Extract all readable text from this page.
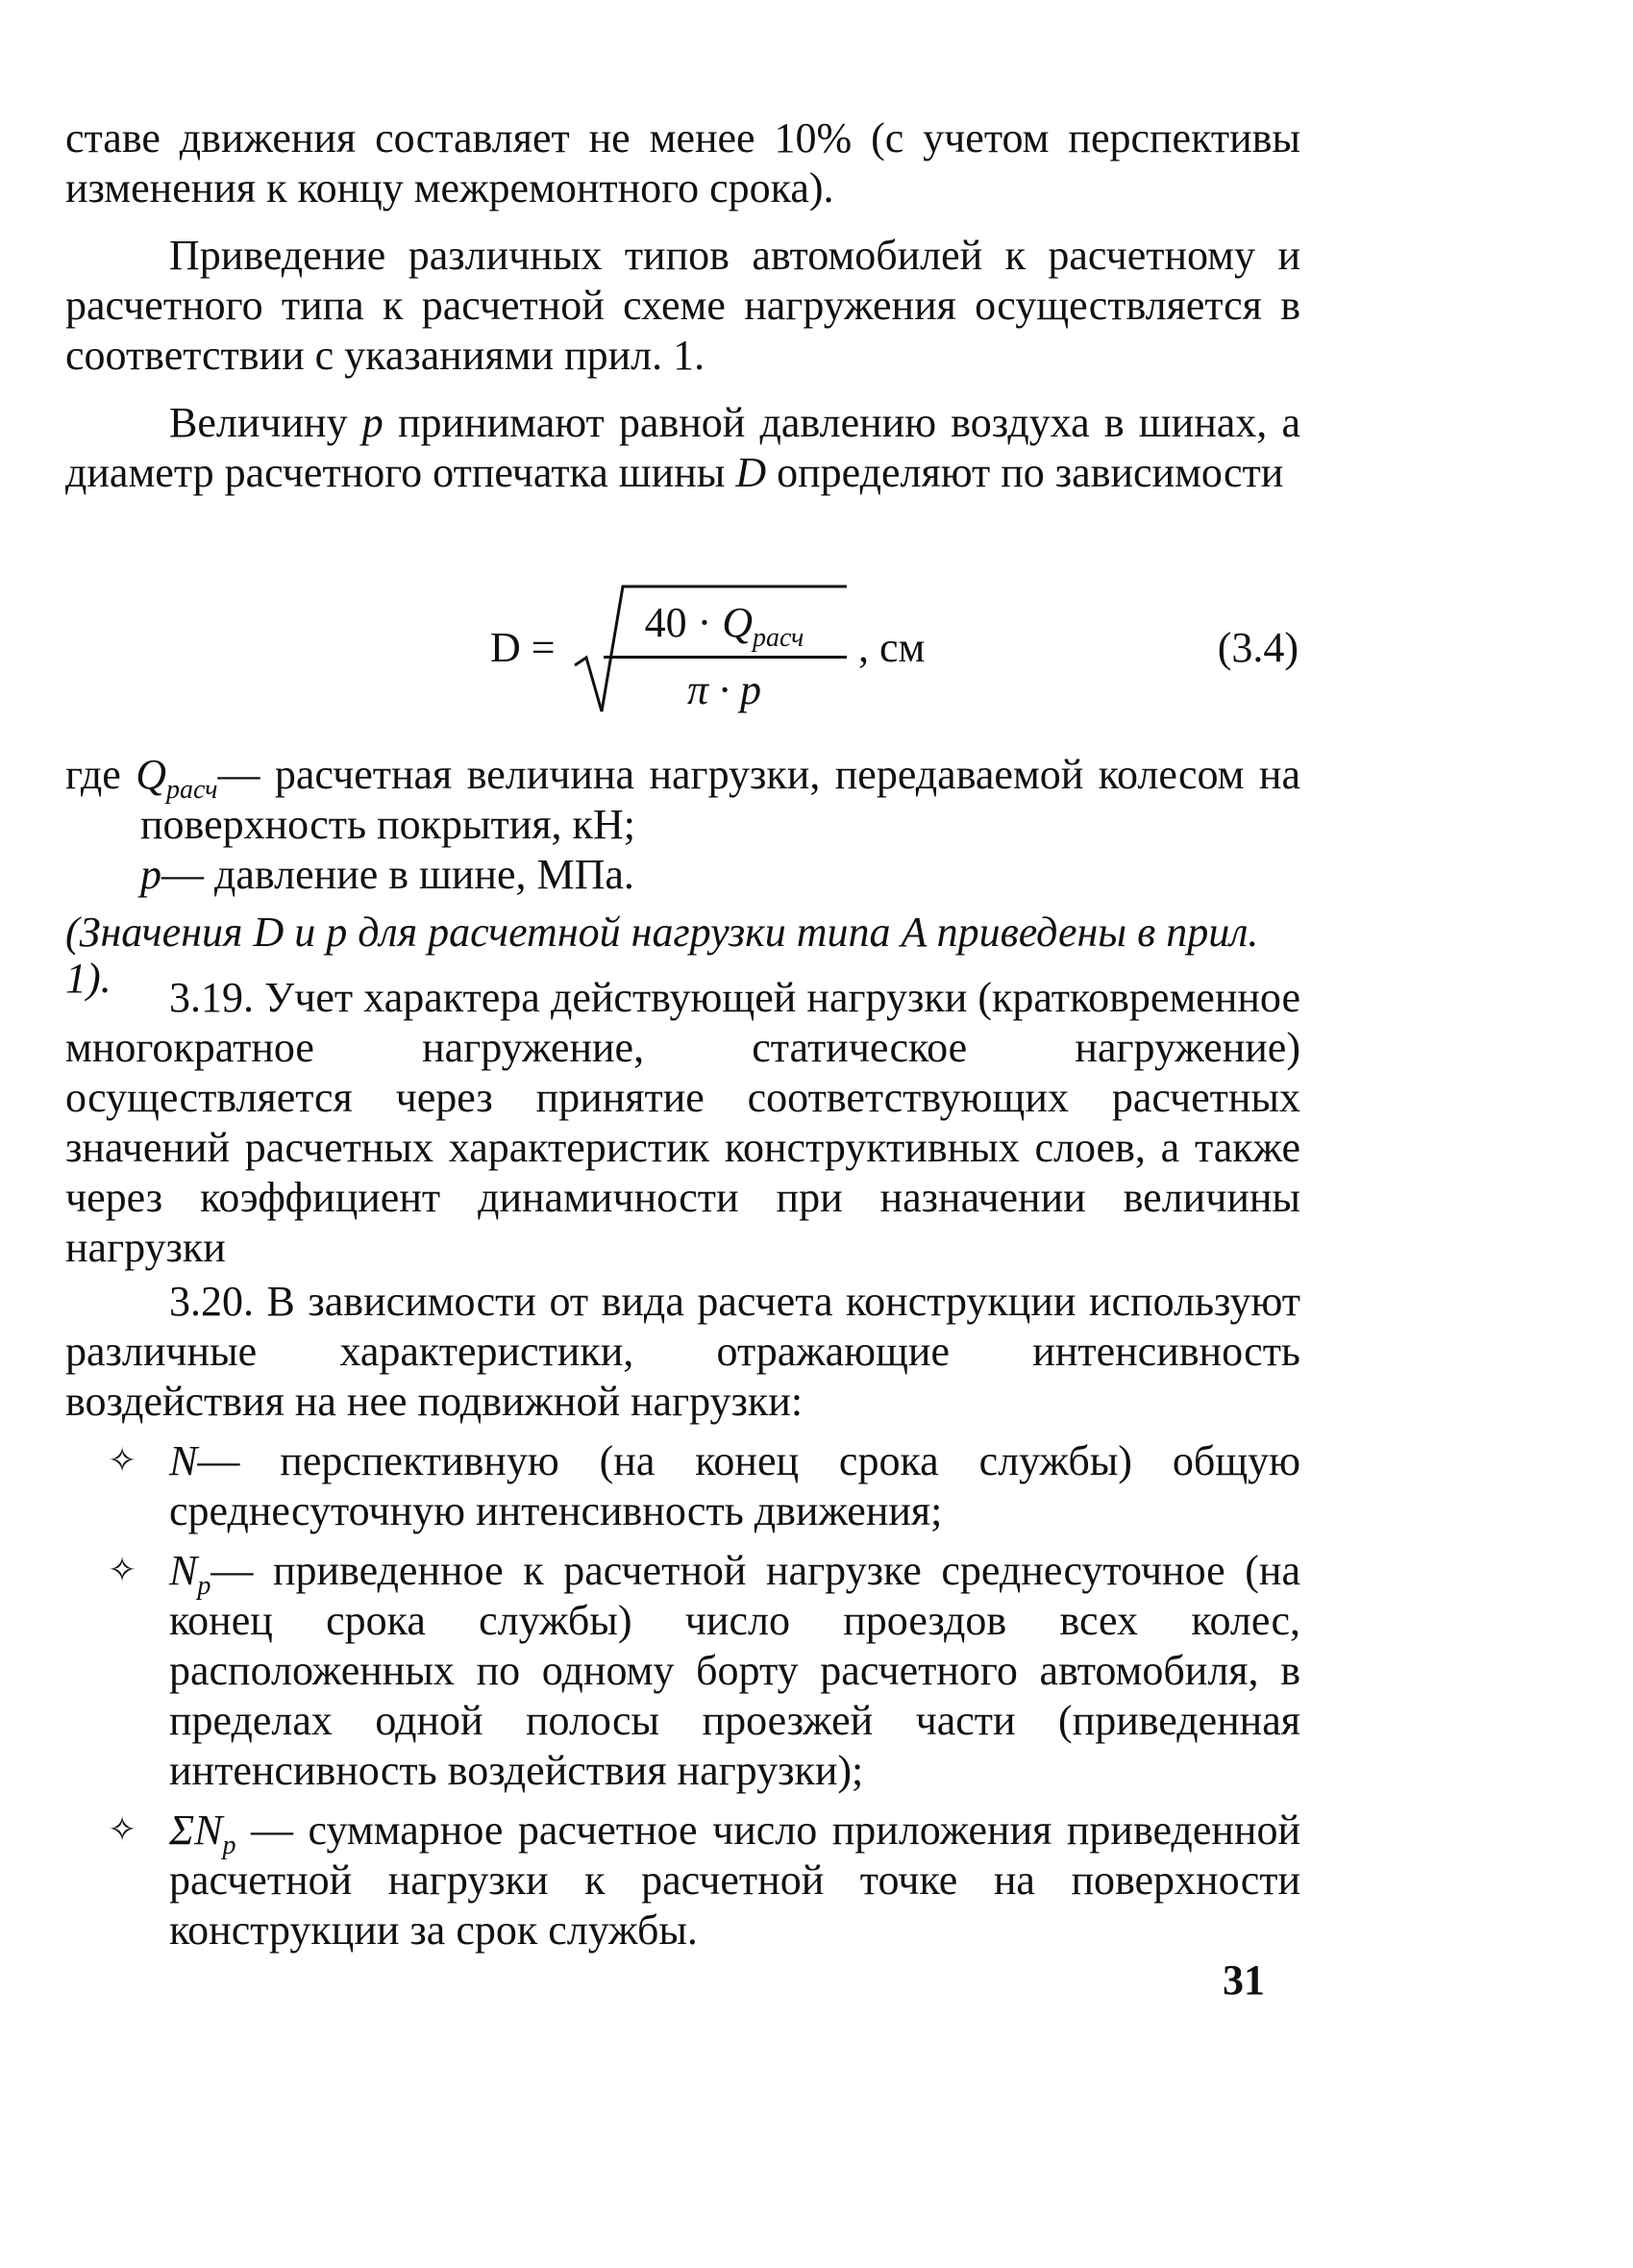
ставе движения составляет не менее 10% (с учетом перспективы изменения к концу межремонтного срока).

Приведение различных типов автомобилей к расчетному и расчетного типа к расчетной схеме нагружения осуществляется в соответствии с указаниями прил. 1.

Величину p принимают равной давлению воздуха в шинах, а диаметр расчетного отпечатка шины D определяют по зависимости

D =
$40 \cdot Q_{расч}$
π · p
, см	(3.4)

где $Q_{расч}—$ расчетная величина нагрузки, передаваемой колесом на поверхность покрытия, кН;

p— давление в шине, МПа.

(Значения D и p для расчетной нагрузки типа A приведены в прил. 1).	3.19. Учет характера действующей нагрузки (кратковременное многократное нагружение, статическое нагружение) осуществляется через принятие соответствующих расчетных значений расчетных характеристик конструктивных слоев, а также через коэффициент динамичности при назначении величины нагрузки

3.20. В зависимости от вида расчета конструкции используют различные характеристики, отражающие интенсивность воздействия на нее подвижной нагрузки:

✧ N— перспективную (на конец срока службы) общую среднесуточную интенсивность движения;

✧ $N_p—$ приведенное к расчетной нагрузке среднесуточное (на конец срока службы) число проездов всех колес, расположенных по одному борту расчетного автомобиля, в пределах одной полосы проезжей части (приведенная интенсивность воздействия нагрузки);

✧ $\Sigma N_p$ — суммарное расчетное число приложения приведенной расчетной нагрузки к расчетной точке на поверхности конструкции за срок службы.

31
